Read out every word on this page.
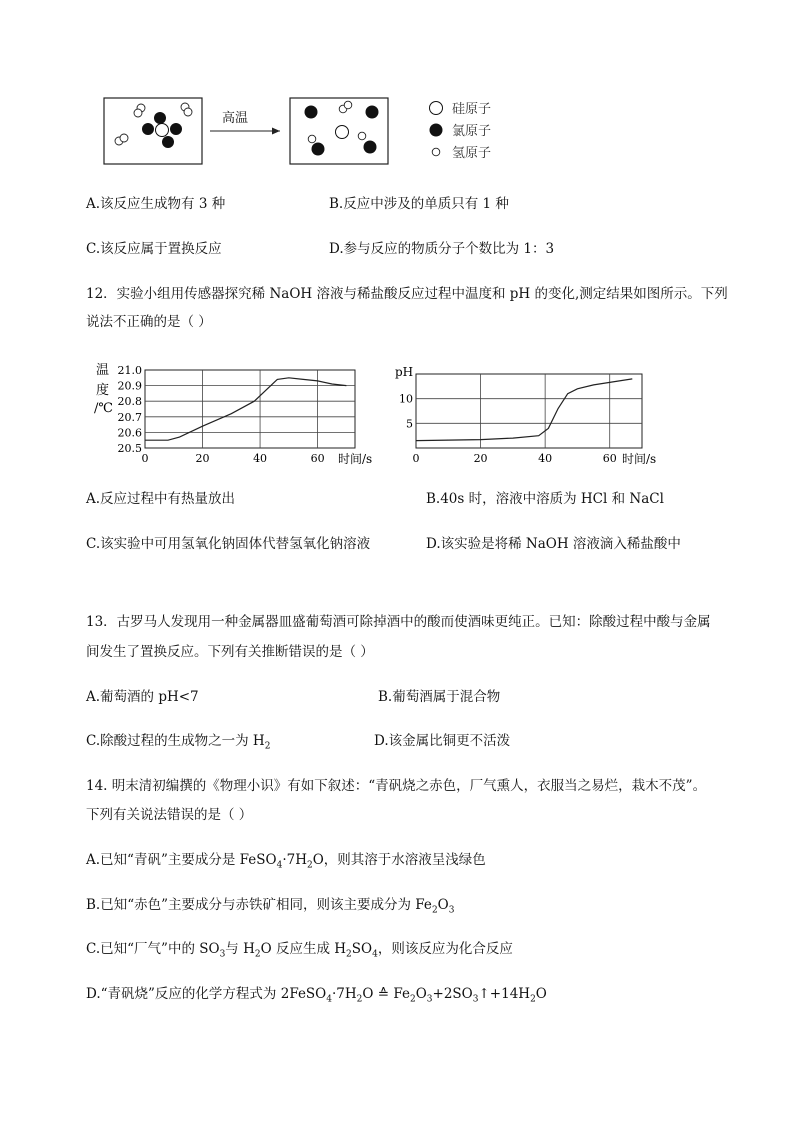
高温
硅原子
氯原子
氢原子
A.该反应生成物有 3 种	B.反应中涉及的单质只有 1 种
C.该反应属于置换反应	D.参与反应的物质分子个数比为 1：3
12．实验小组用传感器探究稀 NaOH 溶液与稀盐酸反应过程中温度和 pH 的变化,测定结果如图所示。下列
说法不正确的是（ ）
温
度
/℃
21.0
20.9
20.8
20.7
20.6
20.5
0	20	40	60 时间/s
pH
10
5
0	20	40	60 时间/s
A.反应过程中有热量放出	B.40s 时，溶液中溶质为 HCl 和 NaCl
C.该实验中可用氢氧化钠固体代替氢氧化钠溶液	D.该实验是将稀 NaOH 溶液滴入稀盐酸中
13．古罗马人发现用一种金属器皿盛葡萄酒可除掉酒中的酸而使酒味更纯正。已知：除酸过程中酸与金属
间发生了置换反应。下列有关推断错误的是（ ）
A.葡萄酒的 pH<7	B.葡萄酒属于混合物
C.除酸过程的生成物之一为 $H_2$	D.该金属比铜更不活泼
14. 明末清初编撰的《物理小识》有如下叙述：“青矾烧之赤色，厂气熏人，衣服当之易烂，栽木不茂”。
下列有关说法错误的是（ ）
A.已知“青矾”主要成分是 $FeSO_4\cdot 7H_2O$，则其溶于水溶液呈浅绿色
B.已知“赤色”主要成分与赤铁矿相同，则该主要成分为 $Fe_2O_3$
C.已知“厂气”中的 $SO_3$与 $H_2O$ 反应生成 $H_2SO_4$，则该反应为化合反应
D.“青矾烧”反应的化学方程式为 $2FeSO_4\cdot 7H_2O$ ≙ $Fe_2O_3+2SO_3↑+14H_2O$
